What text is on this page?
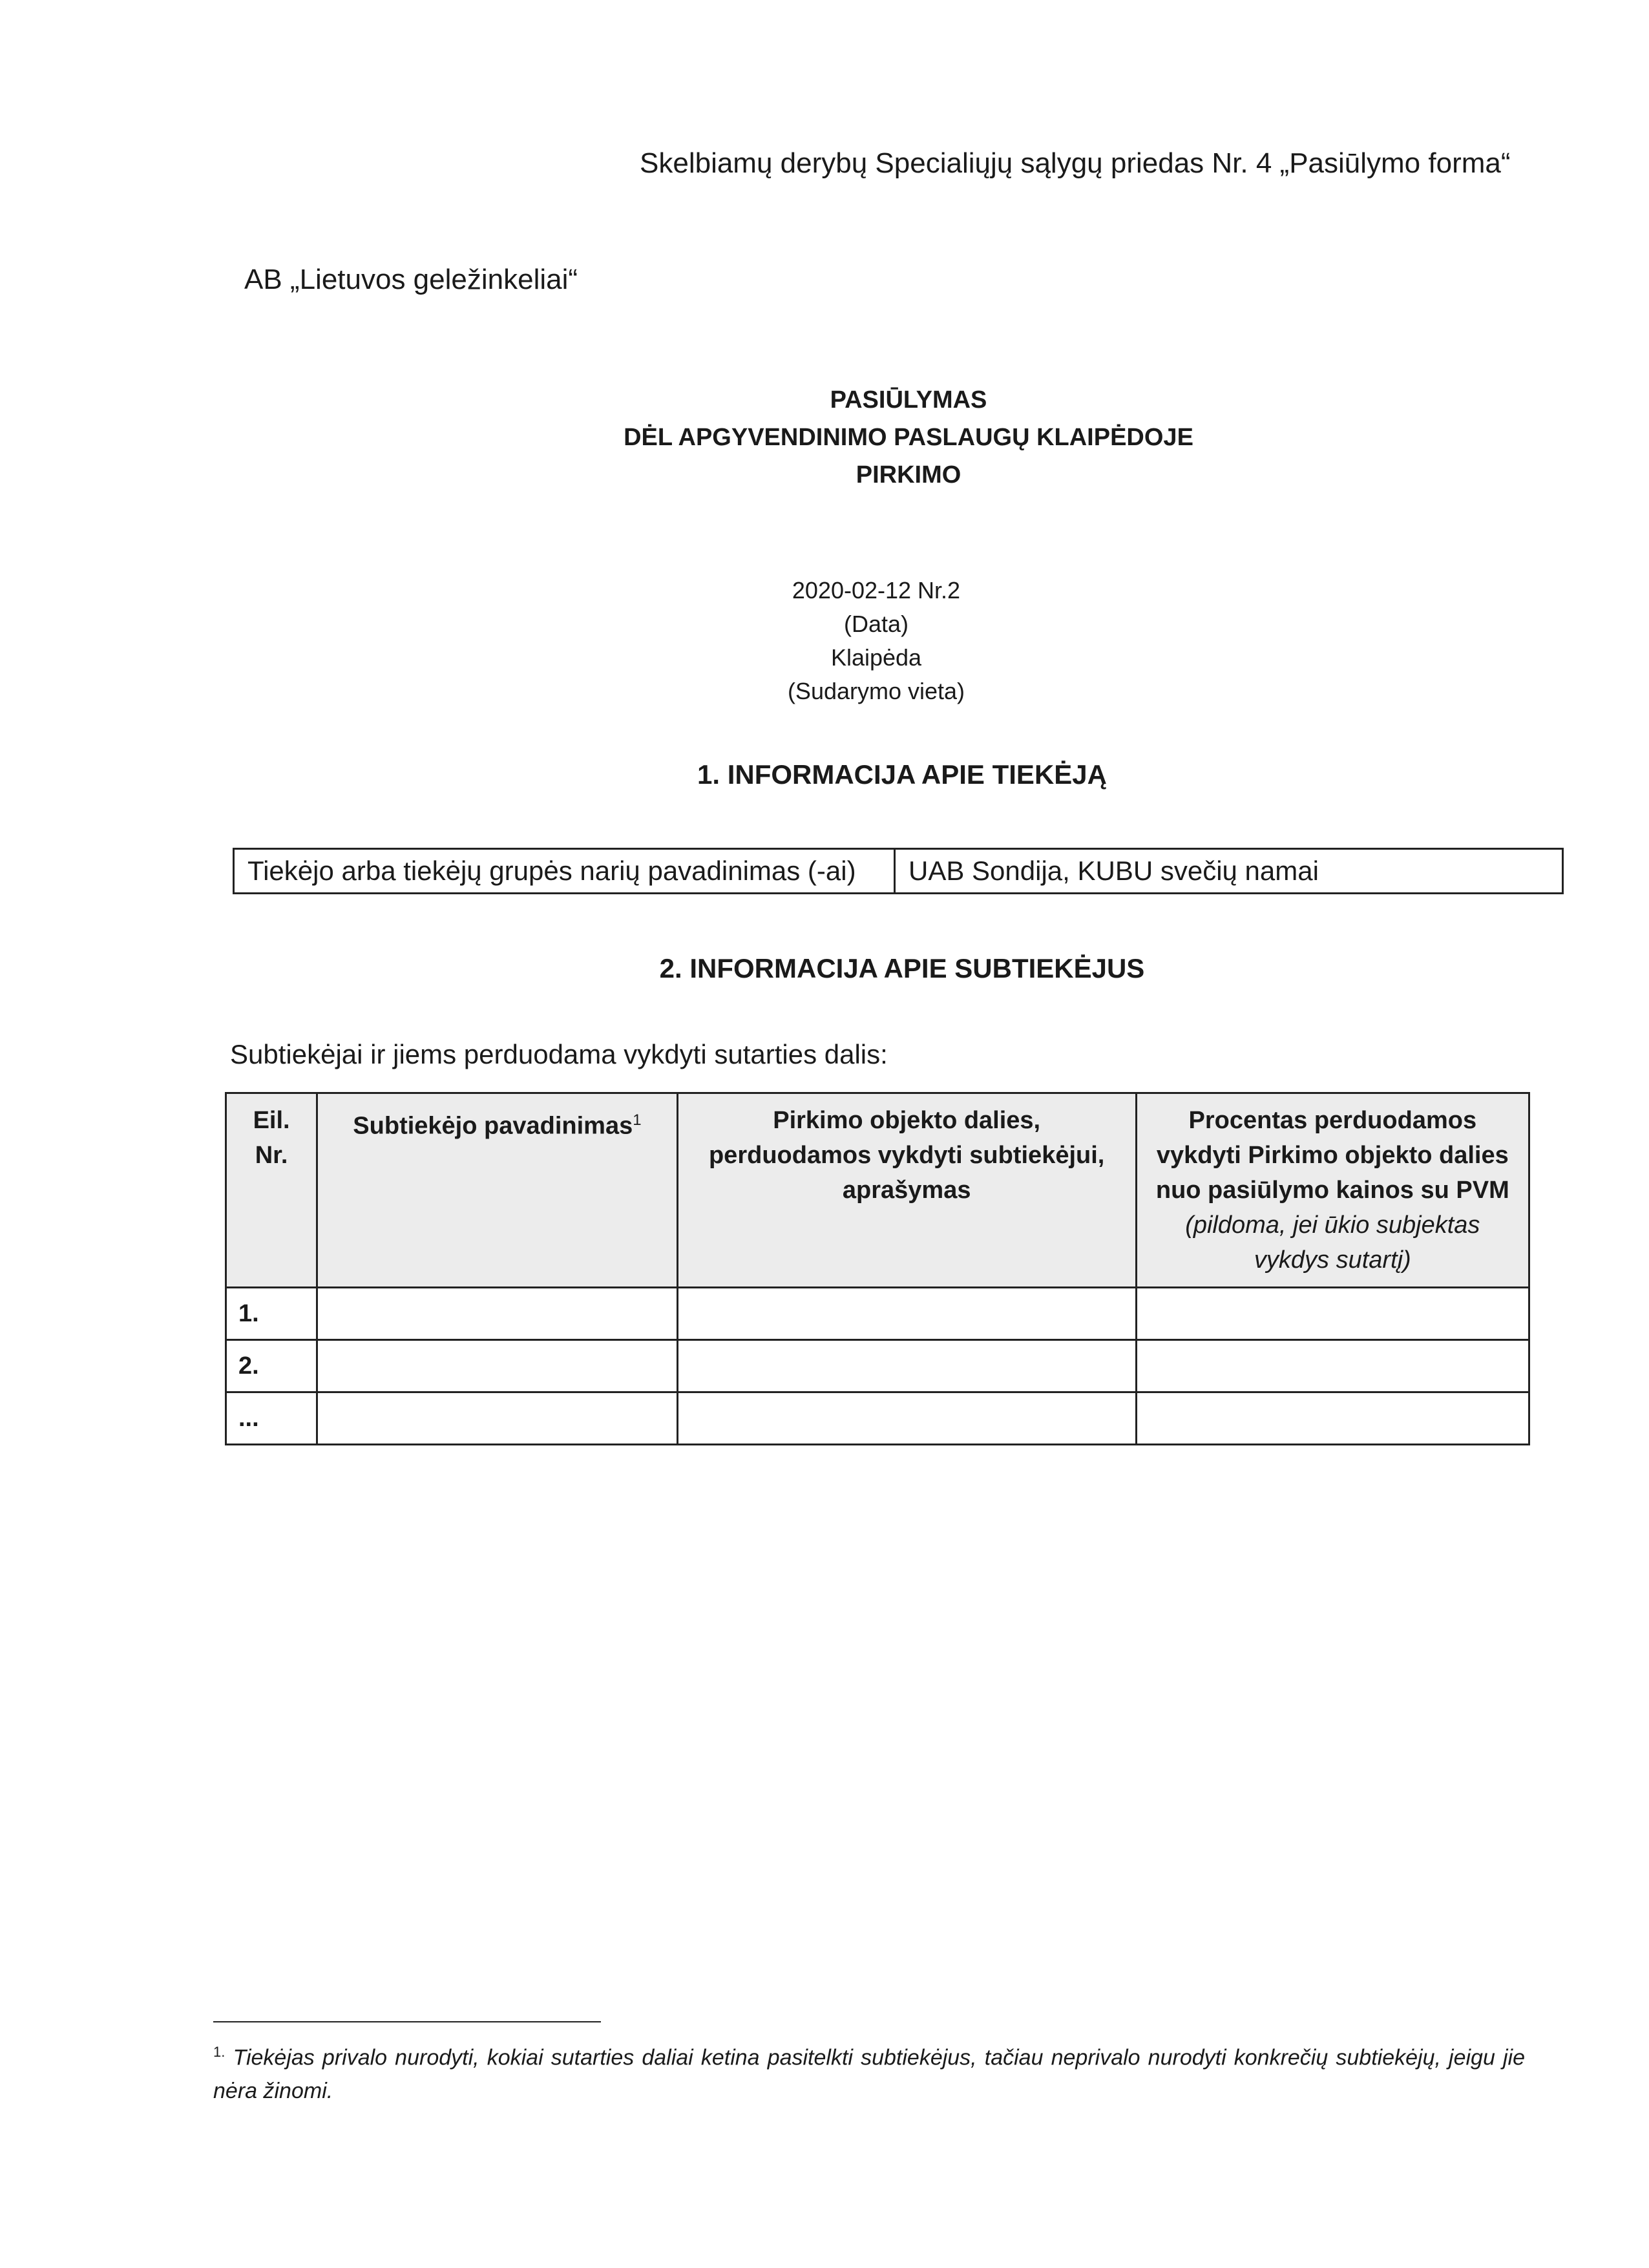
Skelbiamų derybų Specialiųjų sąlygų priedas Nr. 4 „Pasiūlymo forma“
AB „Lietuvos geležinkeliai“
PASIŪLYMAS
DĖL APGYVENDINIMO PASLAUGŲ KLAIPĖDOJE
PIRKIMO
2020-02-12 Nr.2
(Data)
Klaipėda
(Sudarymo vieta)
1. INFORMACIJA APIE TIEKĖJĄ
Tiekėjo arba tiekėjų grupės narių pavadinimas (-ai)	UAB Sondija, KUBU svečių namai
2. INFORMACIJA APIE SUBTIEKĖJUS
Subtiekėjai ir jiems perduodama vykdyti sutarties dalis:
Eil. Nr.	Subtiekėjo pavadinimas$^1$	Pirkimo objekto dalies, perduodamos vykdyti subtiekėjui, aprašymas	Procentas perduodamos vykdyti Pirkimo objekto dalies nuo pasiūlymo kainos su PVM (pildoma, jei ūkio subjektas vykdys sutartį)
1.			
2.			
...			
$^{1.}$ Tiekėjas privalo nurodyti, kokiai sutarties daliai ketina pasitelkti subtiekėjus, tačiau neprivalo nurodyti konkrečių subtiekėjų, jeigu jie nėra žinomi.
